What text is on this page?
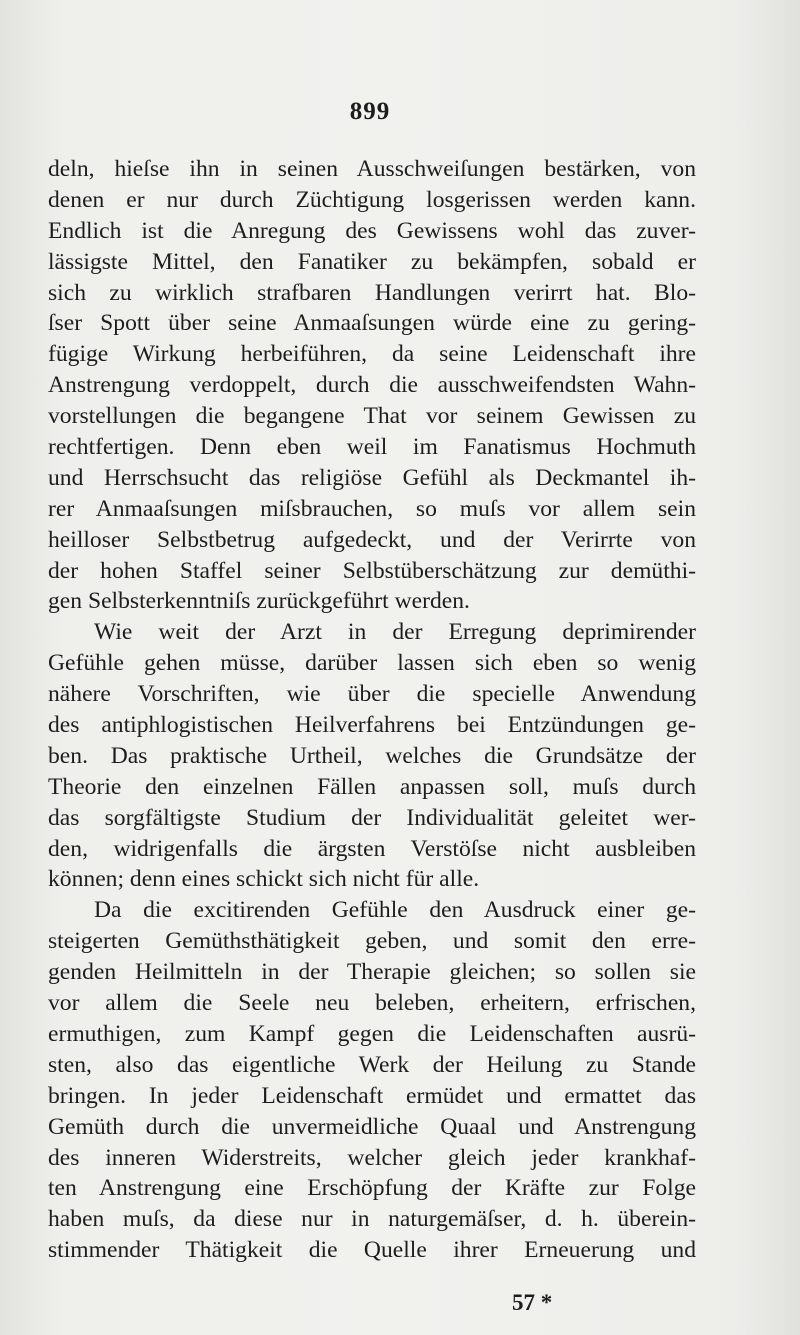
899
deln, hieſse ihn in seinen Ausschweiſungen bestärken, von
denen er nur durch Züchtigung losgerissen werden kann.
Endlich ist die Anregung des Gewissens wohl das zuver-
lässigste Mittel, den Fanatiker zu bekämpfen, sobald er
sich zu wirklich strafbaren Handlungen verirrt hat. Blo-
ſser Spott über seine Anmaaſsungen würde eine zu gering-
fügige Wirkung herbeiführen, da seine Leidenschaft ihre
Anstrengung verdoppelt, durch die ausschweifendsten Wahn-
vorstellungen die begangene That vor seinem Gewissen zu
rechtfertigen. Denn eben weil im Fanatismus Hochmuth
und Herrschsucht das religiöse Gefühl als Deckmantel ih-
rer Anmaaſsungen miſsbrauchen, so muſs vor allem sein
heilloser Selbstbetrug aufgedeckt, und der Verirrte von
der hohen Staffel seiner Selbstüberschätzung zur demüthi-
gen Selbsterkenntniſs zurückgeführt werden.
Wie weit der Arzt in der Erregung deprimirender
Gefühle gehen müsse, darüber lassen sich eben so wenig
nähere Vorschriften, wie über die specielle Anwendung
des antiphlogistischen Heilverfahrens bei Entzündungen ge-
ben. Das praktische Urtheil, welches die Grundsätze der
Theorie den einzelnen Fällen anpassen soll, muſs durch
das sorgfältigste Studium der Individualität geleitet wer-
den, widrigenfalls die ärgsten Verstöſse nicht ausbleiben
können; denn eines schickt sich nicht für alle.
Da die excitirenden Gefühle den Ausdruck einer ge-
steigerten Gemüthsthätigkeit geben, und somit den erre-
genden Heilmitteln in der Therapie gleichen; so sollen sie
vor allem die Seele neu beleben, erheitern, erfrischen,
ermuthigen, zum Kampf gegen die Leidenschaften ausrü-
sten, also das eigentliche Werk der Heilung zu Stande
bringen. In jeder Leidenschaft ermüdet und ermattet das
Gemüth durch die unvermeidliche Quaal und Anstrengung
des inneren Widerstreits, welcher gleich jeder krankhaf-
ten Anstrengung eine Erschöpfung der Kräfte zur Folge
haben muſs, da diese nur in naturgemäſser, d. h. überein-
stimmender Thätigkeit die Quelle ihrer Erneuerung und
57 *
